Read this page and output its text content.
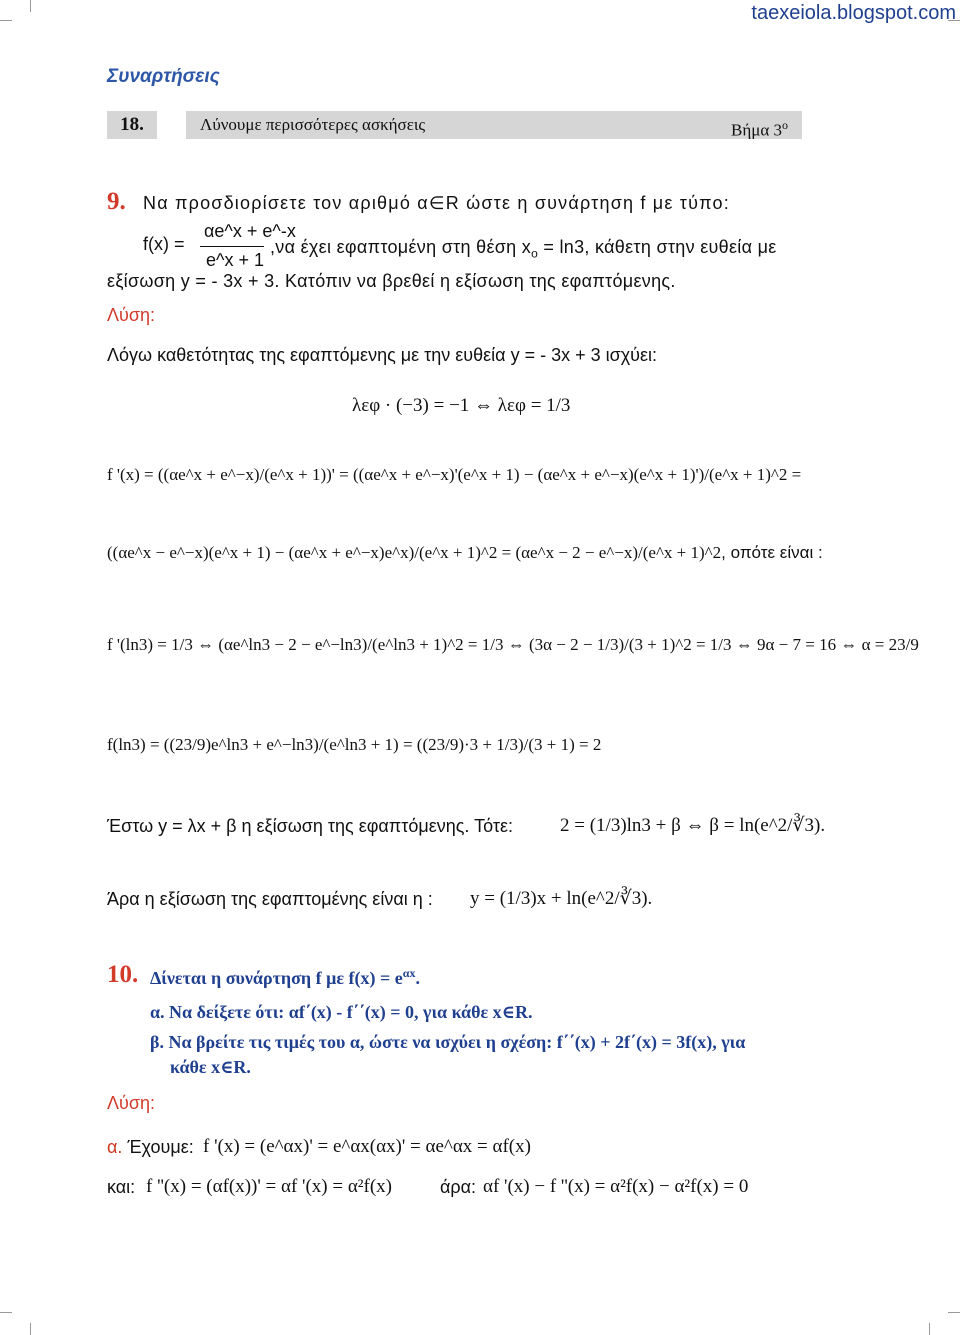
taexeiola.blogspot.com
Συναρτήσεις
18.	Λύνουμε περισσότερες ασκήσεις	Βήμα $3^o$
9. Να προσδιορίσετε τον αριθμό α∈R ώστε η συνάρτηση f με τύπο:
f(x) =
αe^x + e^-x
e^x + 1
,να έχει εφαπτομένη στη θέση $x_o = \ln 3$, κάθετη στην ευθεία με
εξίσωση y = - 3x + 3. Κατόπιν να βρεθεί η εξίσωση της εφαπτόμενης.
Λύση:
Λόγω καθετότητας της εφαπτόμενης με την ευθεία y = - 3x + 3 ισχύει:
λεφ · (−3) = −1 ⇔ λεφ = 1/3
f '(x) = ((αe^x + e^−x)/(e^x + 1))' = ((αe^x + e^−x)'(e^x + 1) − (αe^x + e^−x)(e^x + 1)')/(e^x + 1)^2 =
((αe^x − e^−x)(e^x + 1) − (αe^x + e^−x)e^x)/(e^x + 1)^2 = (αe^x − 2 − e^−x)/(e^x + 1)^2, οπότε είναι :
f '(ln3) = 1/3 ⇔ (αe^ln3 − 2 − e^−ln3)/(e^ln3 + 1)^2 = 1/3 ⇔ (3α − 2 − 1/3)/(3 + 1)^2 = 1/3 ⇔ 9α − 7 = 16 ⇔ α = 23/9
f(ln3) = ((23/9)e^ln3 + e^−ln3)/(e^ln3 + 1) = ((23/9)·3 + 1/3)/(3 + 1) = 2
Έστω y = λx + β η εξίσωση της εφαπτόμενης. Τότε: 2 = (1/3)ln3 + β ⇔ β = ln(e^2/∛3).
Άρα η εξίσωση της εφαπτομένης είναι η : y = (1/3)x + ln(e^2/∛3).
10. Δίνεται η συνάρτηση f με $f(x) = e^{\alpha x}$.
α. Να δείξετε ότι: αf΄(x) - f΄΄(x) = 0, για κάθε x∈R.
β. Να βρείτε τις τιμές του α, ώστε να ισχύει η σχέση: f΄΄(x) + 2f΄(x) = 3f(x), για
κάθε x∈R.
Λύση:
α. Έχουμε: f '(x) = (e^αx)' = e^αx(αx)' = αe^αx = αf(x)
και: f ''(x) = (αf(x))' = αf '(x) = α²f(x)	άρα: αf '(x) − f ''(x) = α²f(x) − α²f(x) = 0
